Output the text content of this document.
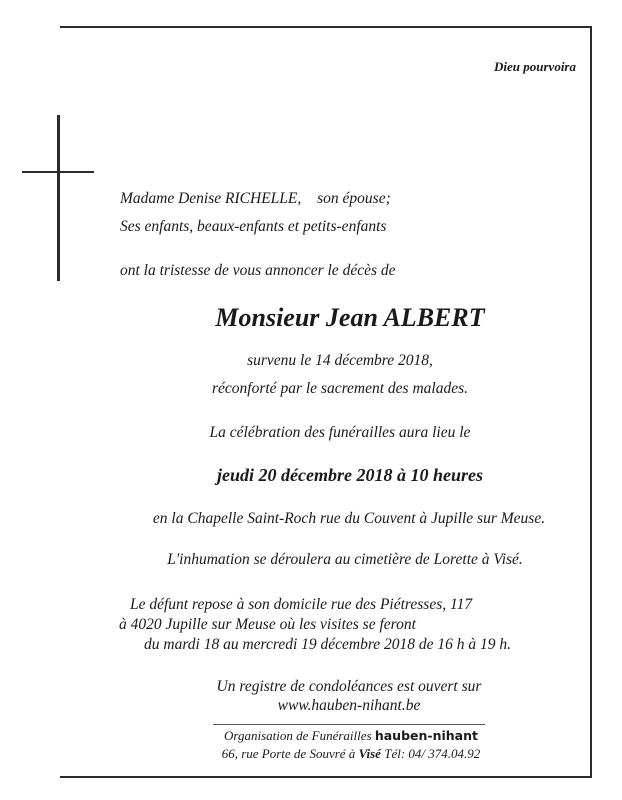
Dieu pourvoira
Madame Denise RICHELLE, son épouse;
Ses enfants, beaux-enfants et petits-enfants
ont la tristesse de vous annoncer le décès de
Monsieur Jean ALBERT
survenu le 14 décembre 2018,
réconforté par le sacrement des malades.
La célébration des funérailles aura lieu le
jeudi 20 décembre 2018 à 10 heures
en la Chapelle Saint-Roch rue du Couvent à Jupille sur Meuse.
L'inhumation se déroulera au cimetière de Lorette à Visé.
Le défunt repose à son domicile rue des Piétresses, 117
à 4020 Jupille sur Meuse où les visites se feront
du mardi 18 au mercredi 19 décembre 2018 de 16 h à 19 h.
Un registre de condoléances est ouvert sur
www.hauben-nihant.be
Organisation de Funérailles hauben-nihant
66, rue Porte de Souvré à Visé Tél: 04/ 374.04.92
